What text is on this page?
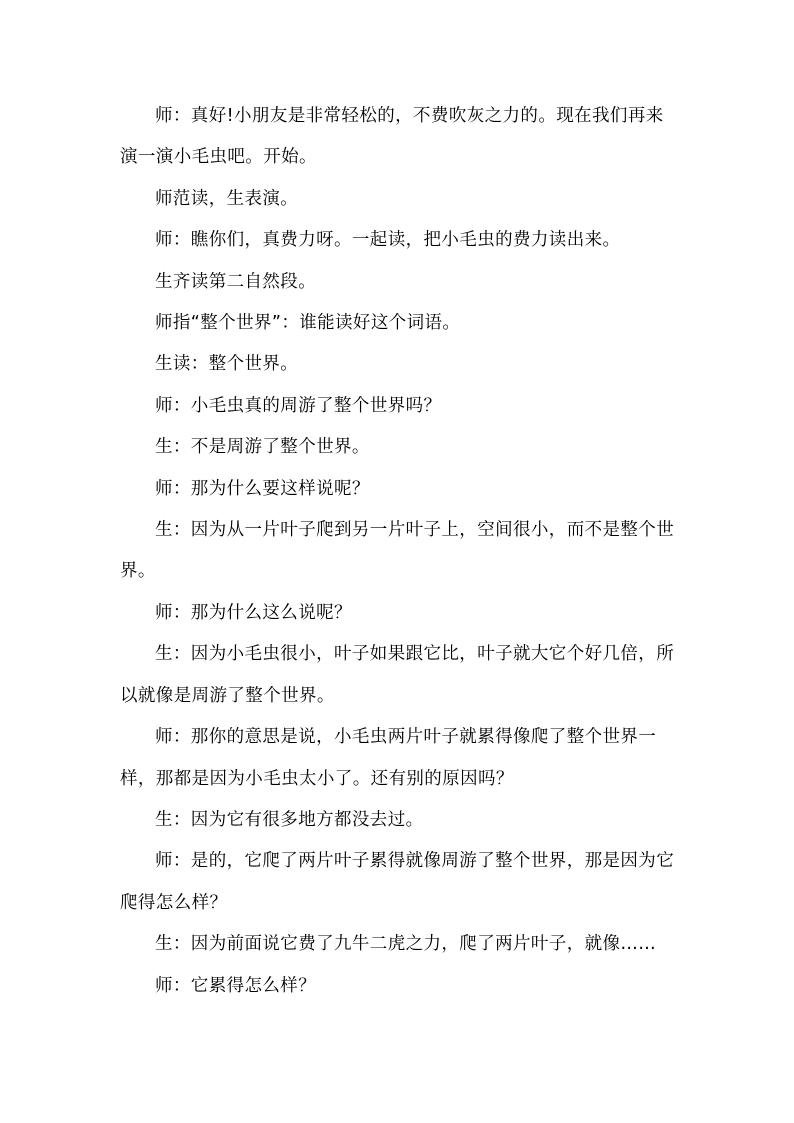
师：真好!小朋友是非常轻松的，不费吹灰之力的。现在我们再来演一演小毛虫吧。开始。

师范读，生表演。

师：瞧你们，真费力呀。一起读，把小毛虫的费力读出来。

生齐读第二自然段。

师指“整个世界”：谁能读好这个词语。

生读：整个世界。

师：小毛虫真的周游了整个世界吗？

生：不是周游了整个世界。

师：那为什么要这样说呢？

生：因为从一片叶子爬到另一片叶子上，空间很小，而不是整个世界。

师：那为什么这么说呢？

生：因为小毛虫很小，叶子如果跟它比，叶子就大它个好几倍，所以就像是周游了整个世界。

师：那你的意思是说，小毛虫两片叶子就累得像爬了整个世界一样，那都是因为小毛虫太小了。还有别的原因吗？

生：因为它有很多地方都没去过。

师：是的，它爬了两片叶子累得就像周游了整个世界，那是因为它爬得怎么样？

生：因为前面说它费了九牛二虎之力，爬了两片叶子，就像……

师：它累得怎么样？
